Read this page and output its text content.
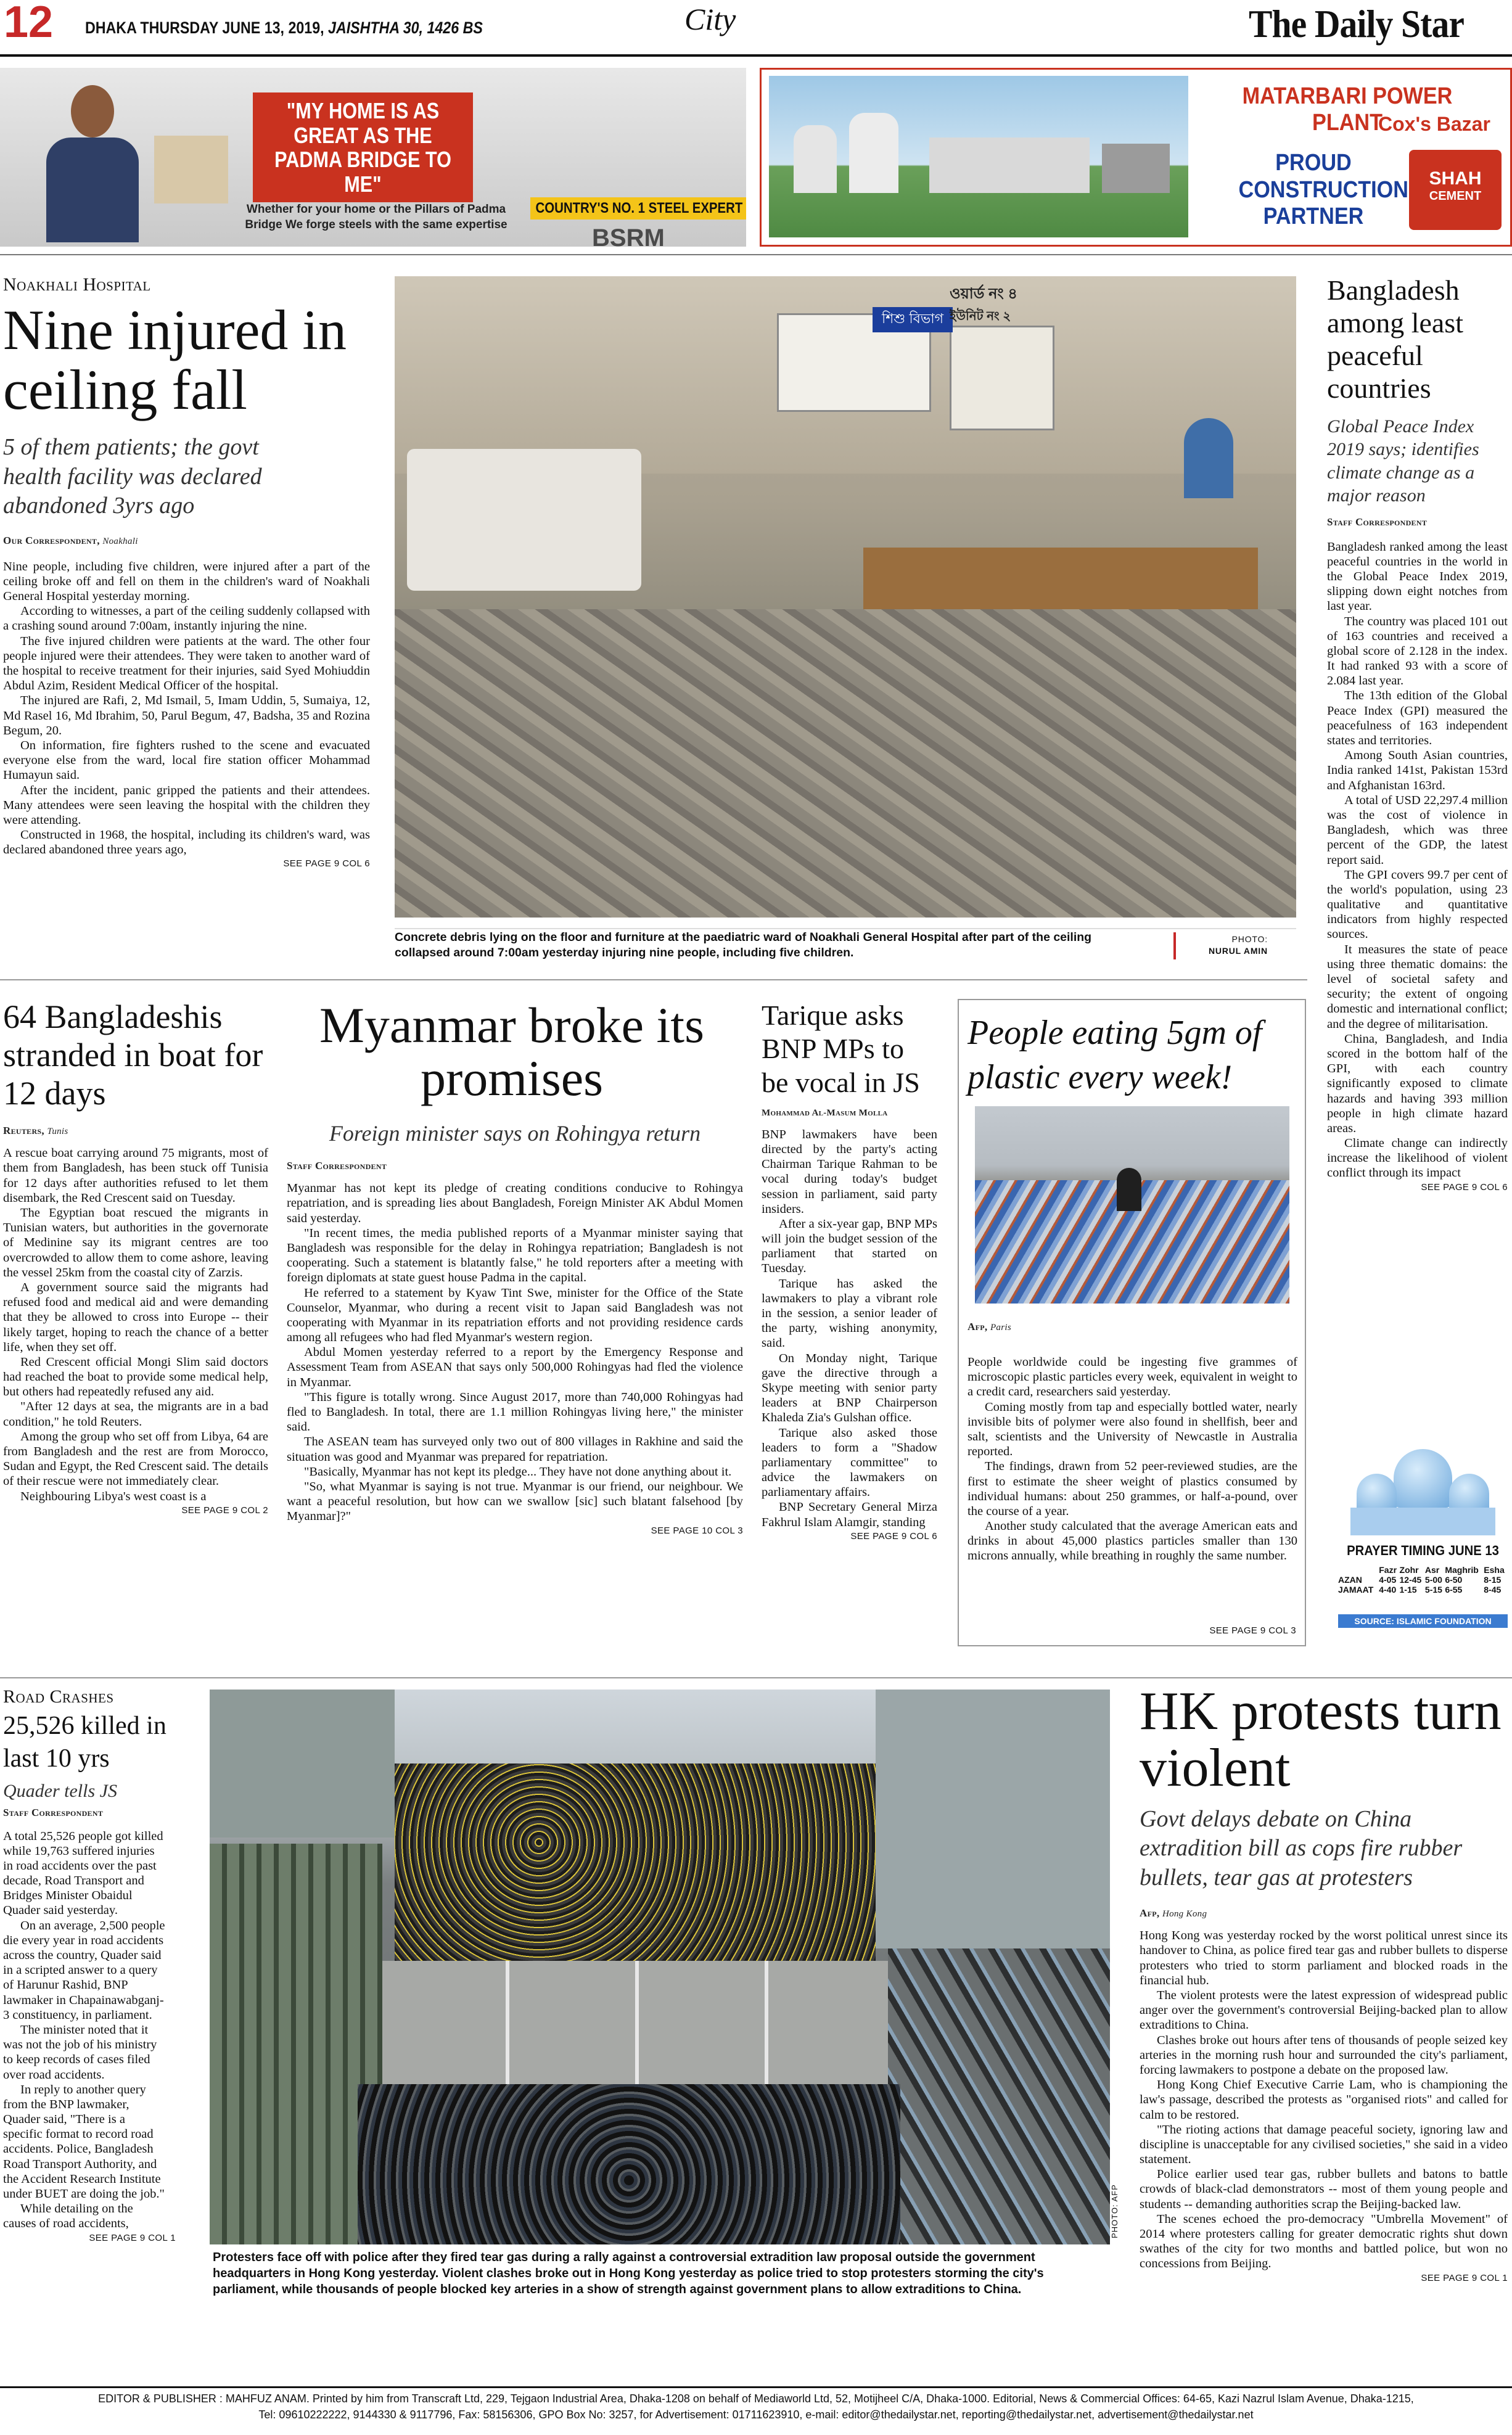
12 DHAKA THURSDAY JUNE 13, 2019, JAISHTHA 30, 1426 BS	City	The Daily Star
"MY HOME IS AS GREAT AS THE PADMA BRIDGE TO ME"
COUNTRY'S NO. 1 STEEL EXPERT
BSRM
Whether for your home or the Pillars of Padma Bridge We forge steels with the same expertise
MATARBARI POWER PLANT
Cox's Bazar
PROUD CONSTRUCTION PARTNER
SHAH
CEMENT
Noakhali Hospital
Nine injured in ceiling fall
5 of them patients; the govt health facility was declared abandoned 3yrs ago
Our Correspondent, Noakhali

Nine people, including five children, were injured after a part of the ceiling broke off and fell on them in the children's ward of Noakhali General Hospital yesterday morning.

According to witnesses, a part of the ceiling suddenly collapsed with a crashing sound around 7:00am, instantly injuring the nine.

The five injured children were patients at the ward. The other four people injured were their attendees. They were taken to another ward of the hospital to receive treatment for their injuries, said Syed Mohiuddin Abdul Azim, Resident Medical Officer of the hospital.

The injured are Rafi, 2, Md Ismail, 5, Imam Uddin, 5, Sumaiya, 12, Md Rasel 16, Md Ibrahim, 50, Parul Begum, 47, Badsha, 35 and Rozina Begum, 20.

On information, fire fighters rushed to the scene and evacuated everyone else from the ward, local fire station officer Mohammad Humayun said.

After the incident, panic gripped the patients and their attendees. Many attendees were seen leaving the hospital with the children they were attending.

Constructed in 1968, the hospital, including its children's ward, was declared abandoned three years ago,

SEE PAGE 9 COL 6
ওয়ার্ড নং ৪
শিশু বিভাগ ইউনিট নং ২
Concrete debris lying on the floor and furniture at the paediatric ward of Noakhali General Hospital after part of the ceiling collapsed around 7:00am yesterday injuring nine people, including five children.
PHOTO:
NURUL AMIN
Bangladesh among least peaceful countries
Global Peace Index 2019 says; identifies climate change as a major reason
Staff Correspondent

Bangladesh ranked among the least peaceful countries in the world in the Global Peace Index 2019, slipping down eight notches from last year.

The country was placed 101 out of 163 countries and received a global score of 2.128 in the index. It had ranked 93 with a score of 2.084 last year.

The 13th edition of the Global Peace Index (GPI) measured the peacefulness of 163 independent states and territories.

Among South Asian countries, India ranked 141st, Pakistan 153rd and Afghanistan 163rd.

A total of USD 22,297.4 million was the cost of violence in Bangladesh, which was three percent of the GDP, the latest report said.

The GPI covers 99.7 per cent of the world's population, using 23 qualitative and quantitative indicators from highly respected sources.

It measures the state of peace using three thematic domains: the level of societal safety and security; the extent of ongoing domestic and international conflict; and the degree of militarisation.

China, Bangladesh, and India scored in the bottom half of the GPI, with each country significantly exposed to climate hazards and having 393 million people in high climate hazard areas.

Climate change can indirectly increase the likelihood of violent conflict through its impact

SEE PAGE 9 COL 6
PRAYER TIMING JUNE 13
	Fazr	Zohr	Asr	Maghrib	Esha
AZAN	4-05	12-45	5-00	6-50	8-15
JAMAAT	4-40	1-15	5-15	6-55	8-45
SOURCE: ISLAMIC FOUNDATION
64 Bangladeshis stranded in boat for 12 days
Reuters, Tunis

A rescue boat carrying around 75 migrants, most of them from Bangladesh, has been stuck off Tunisia for 12 days after authorities refused to let them disembark, the Red Crescent said on Tuesday.

The Egyptian boat rescued the migrants in Tunisian waters, but authorities in the governorate of Medinine say its migrant centres are too overcrowded to allow them to come ashore, leaving the vessel 25km from the coastal city of Zarzis.

A government source said the migrants had refused food and medical aid and were demanding that they be allowed to cross into Europe -- their likely target, hoping to reach the chance of a better life, when they set off.

Red Crescent official Mongi Slim said doctors had reached the boat to provide some medical help, but others had repeatedly refused any aid.

"After 12 days at sea, the migrants are in a bad condition," he told Reuters.

Among the group who set off from Libya, 64 are from Bangladesh and the rest are from Morocco, Sudan and Egypt, the Red Crescent said. The details of their rescue were not immediately clear.

Neighbouring Libya's west coast is a

SEE PAGE 9 COL 2
Myanmar broke its promises
Foreign minister says on Rohingya return
Staff Correspondent

Myanmar has not kept its pledge of creating conditions conducive to Rohingya repatriation, and is spreading lies about Bangladesh, Foreign Minister AK Abdul Momen said yesterday.

"In recent times, the media published reports of a Myanmar minister saying that Bangladesh was responsible for the delay in Rohingya repatriation; Bangladesh is not cooperating. Such a statement is blatantly false," he told reporters after a meeting with foreign diplomats at state guest house Padma in the capital.

He referred to a statement by Kyaw Tint Swe, minister for the Office of the State Counselor, Myanmar, who during a recent visit to Japan said Bangladesh was not cooperating with Myanmar in its repatriation efforts and not providing residence cards among all refugees who had fled Myanmar's western region.

Abdul Momen yesterday referred to a report by the Emergency Response and Assessment Team from ASEAN that says only 500,000 Rohingyas had fled the violence in Myanmar.

"This figure is totally wrong. Since August 2017, more than 740,000 Rohingyas had fled to Bangladesh. In total, there are 1.1 million Rohingyas living here," the minister said.

The ASEAN team has surveyed only two out of 800 villages in Rakhine and said the situation was good and Myanmar was prepared for repatriation.

"Basically, Myanmar has not kept its pledge... They have not done anything about it.

"So, what Myanmar is saying is not true. Myanmar is our friend, our neighbour. We want a peaceful resolution, but how can we swallow [sic] such blatant falsehood [by Myanmar]?"

SEE PAGE 10 COL 3
Tarique asks BNP MPs to be vocal in JS
Mohammad Al-Masum Molla

BNP lawmakers have been directed by the party's acting Chairman Tarique Rahman to be vocal during today's budget session in parliament, said party insiders.

After a six-year gap, BNP MPs will join the budget session of the parliament that started on Tuesday.

Tarique has asked the lawmakers to play a vibrant role in the session, a senior leader of the party, wishing anonymity, said.

On Monday night, Tarique gave the directive through a Skype meeting with senior party leaders at BNP Chairperson Khaleda Zia's Gulshan office.

Tarique also asked those leaders to form a "Shadow parliamentary committee" to advice the lawmakers on parliamentary affairs.

BNP Secretary General Mirza Fakhrul Islam Alamgir, standing

SEE PAGE 9 COL 6
People eating 5gm of plastic every week!
Afp, Paris

People worldwide could be ingesting five grammes of microscopic plastic particles every week, equivalent in weight to a credit card, researchers said yesterday.

Coming mostly from tap and especially bottled water, nearly invisible bits of polymer were also found in shellfish, beer and salt, scientists and the University of Newcastle in Australia reported.

The findings, drawn from 52 peer-reviewed studies, are the first to estimate the sheer weight of plastics consumed by individual humans: about 250 grammes, or half-a-pound, over the course of a year.

Another study calculated that the average American eats and drinks in about 45,000 plastics particles smaller than 130 microns annually, while breathing in roughly the same number.

SEE PAGE 9 COL 3
Road Crashes
25,526 killed in last 10 yrs
Quader tells JS
Staff Correspondent

A total 25,526 people got killed while 19,763 suffered injuries in road accidents over the past decade, Road Transport and Bridges Minister Obaidul Quader said yesterday.

On an average, 2,500 people die every year in road accidents across the country, Quader said in a scripted answer to a query of Harunur Rashid, BNP lawmaker in Chapainawabganj-3 constituency, in parliament.

The minister noted that it was not the job of his ministry to keep records of cases filed over road accidents.

In reply to another query from the BNP lawmaker, Quader said, "There is a specific format to record road accidents. Police, Bangladesh Road Transport Authority, and the Accident Research Institute under BUET are doing the job."

While detailing on the causes of road accidents,

SEE PAGE 9 COL 1	PHOTO: AFP
Protesters face off with police after they fired tear gas during a rally against a controversial extradition law proposal outside the government headquarters in Hong Kong yesterday. Violent clashes broke out in Hong Kong yesterday as police tried to stop protesters storming the city's parliament, while thousands of people blocked key arteries in a show of strength against government plans to allow extraditions to China.
HK protests turn violent
Govt delays debate on China extradition bill as cops fire rubber bullets, tear gas at protesters
Afp, Hong Kong

Hong Kong was yesterday rocked by the worst political unrest since its handover to China, as police fired tear gas and rubber bullets to disperse protesters who tried to storm parliament and blocked roads in the financial hub.

The violent protests were the latest expression of widespread public anger over the government's controversial Beijing-backed plan to allow extraditions to China.

Clashes broke out hours after tens of thousands of people seized key arteries in the morning rush hour and surrounded the city's parliament, forcing lawmakers to postpone a debate on the proposed law.

Hong Kong Chief Executive Carrie Lam, who is championing the law's passage, described the protests as "organised riots" and called for calm to be restored.

"The rioting actions that damage peaceful society, ignoring law and discipline is unacceptable for any civilised societies," she said in a video statement.

Police earlier used tear gas, rubber bullets and batons to battle crowds of black-clad demonstrators -- most of them young people and students -- demanding authorities scrap the Beijing-backed law.

The scenes echoed the pro-democracy "Umbrella Movement" of 2014 where protesters calling for greater democratic rights shut down swathes of the city for two months and battled police, but won no concessions from Beijing.

SEE PAGE 9 COL 1
EDITOR & PUBLISHER : MAHFUZ ANAM. Printed by him from Transcraft Ltd, 229, Tejgaon Industrial Area, Dhaka-1208 on behalf of Mediaworld Ltd, 52, Motijheel C/A, Dhaka-1000. Editorial, News & Commercial Offices: 64-65, Kazi Nazrul Islam Avenue, Dhaka-1215,
Tel: 09610222222, 9144330 & 9117796, Fax: 58156306, GPO Box No: 3257, for Advertisement: 01711623910, e-mail: editor@thedailystar.net, reporting@thedailystar.net, advertisement@thedailystar.net
